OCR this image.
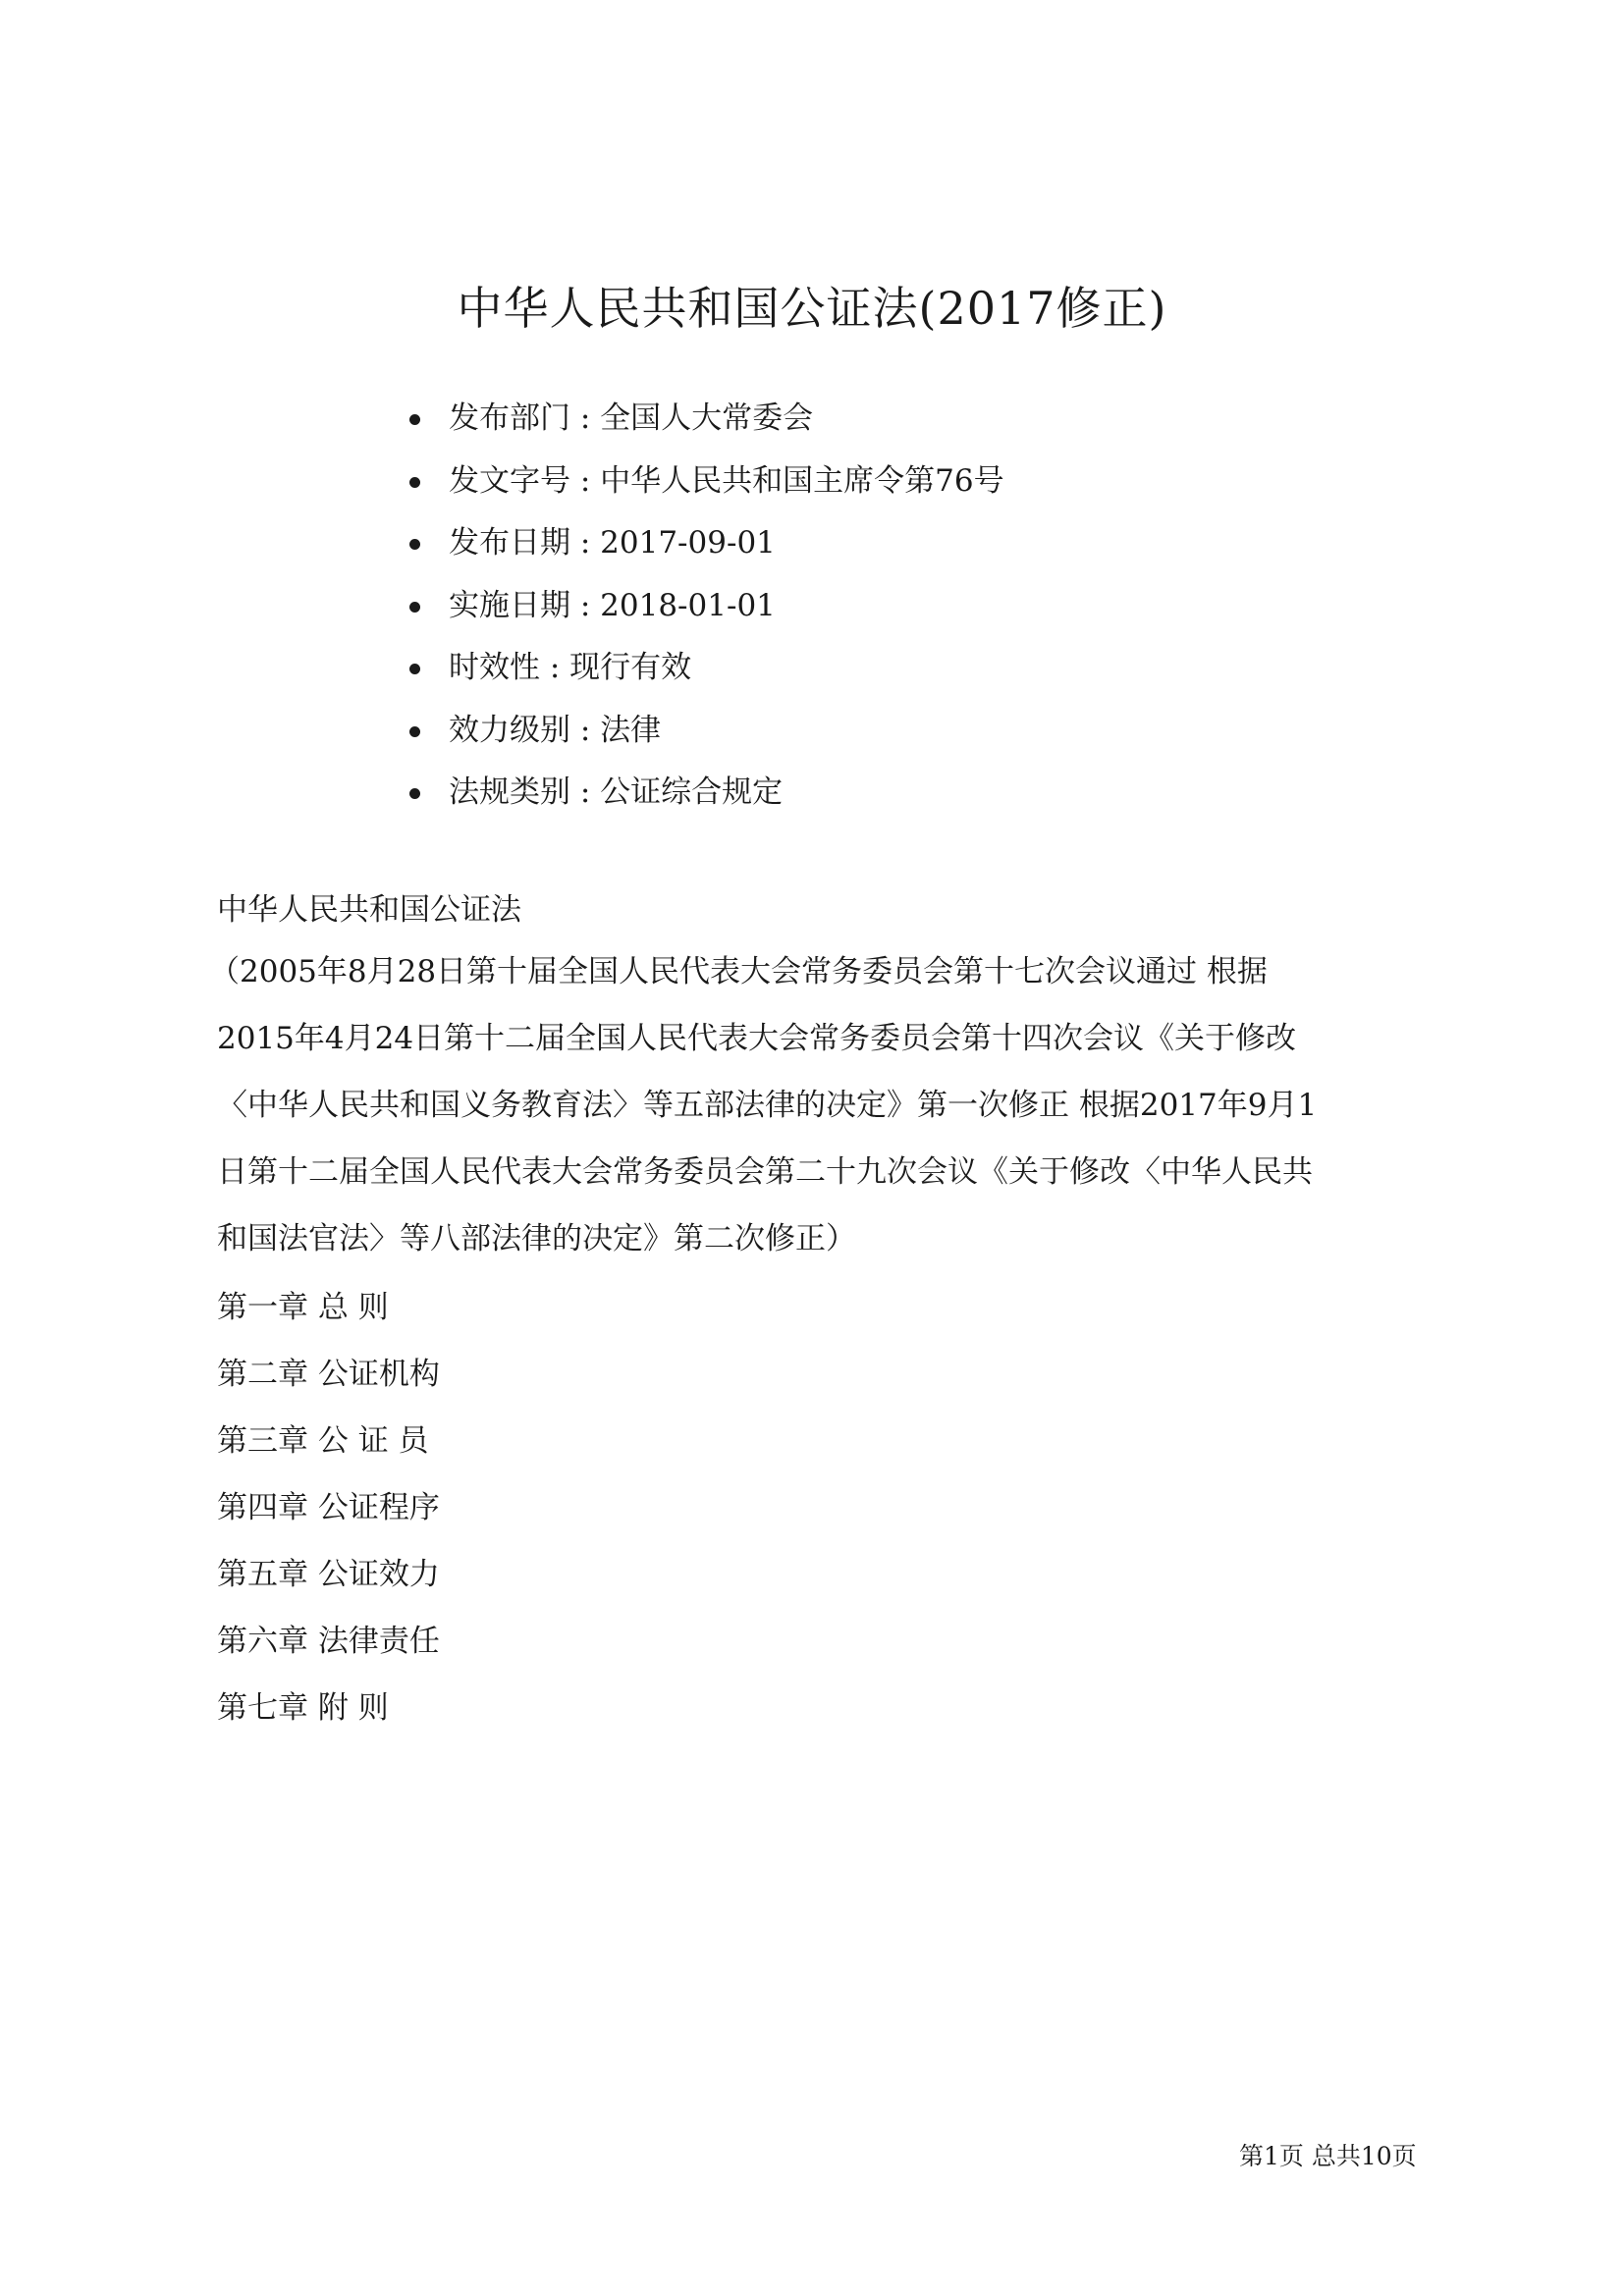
中华人民共和国公证法(2017修正)
发布部门 : 全国人大常委会
发文字号 : 中华人民共和国主席令第76号
发布日期 : 2017-09-01
实施日期 : 2018-01-01
时效性 : 现行有效
效力级别 : 法律
法规类别 : 公证综合规定
中华人民共和国公证法
（2005年8月28日第十届全国人民代表大会常务委员会第十七次会议通过 根据
2015年4月24日第十二届全国人民代表大会常务委员会第十四次会议《关于修改
〈中华人民共和国义务教育法〉等五部法律的决定》第一次修正 根据2017年9月1
日第十二届全国人民代表大会常务委员会第二十九次会议《关于修改〈中华人民共
和国法官法〉等八部法律的决定》第二次修正）
第一章 总 则
第二章 公证机构
第三章 公 证 员
第四章 公证程序
第五章 公证效力
第六章 法律责任
第七章 附 则
第1页 总共10页
